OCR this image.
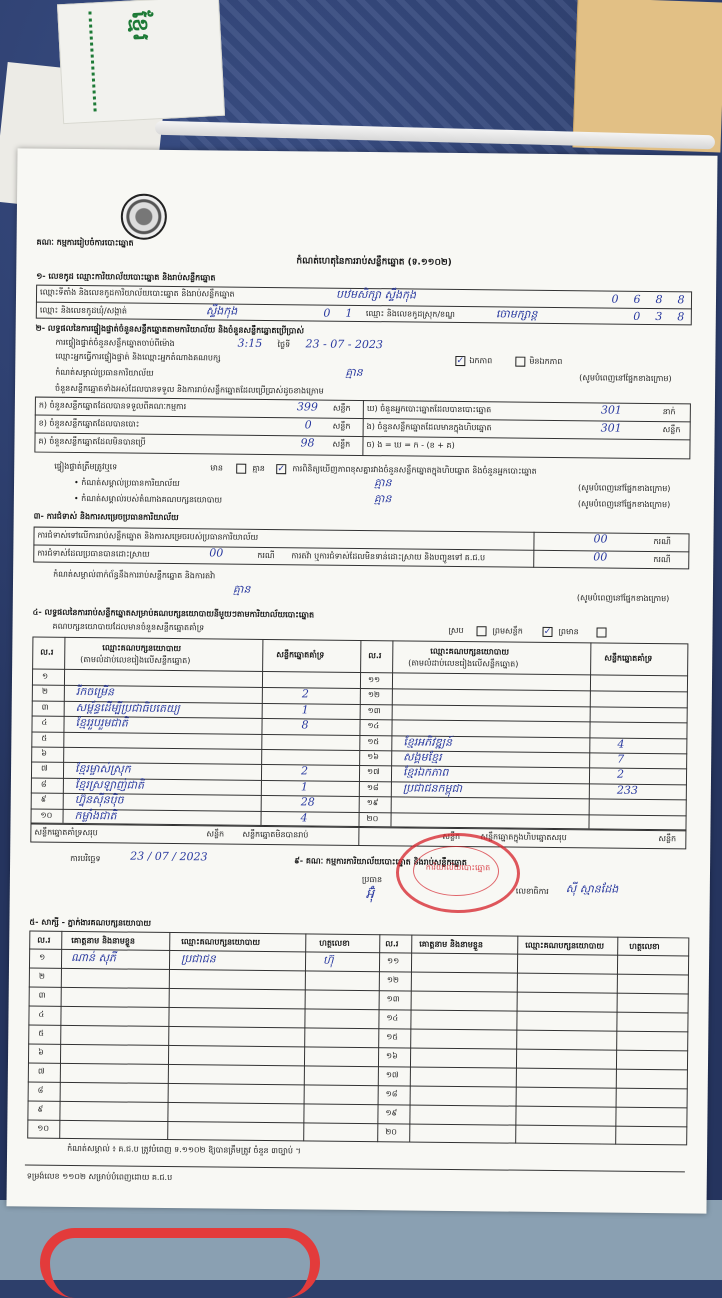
ខ្មែរ
គណៈ កម្មការរៀបចំការបោះឆ្នោត
កំណត់ហេតុនៃការរាប់សន្លឹកឆ្នោត (ទ.១១០២)
១- លេខកូដ ឈ្មោះការិយាល័យបោះឆ្នោត និងរាប់សន្លឹកឆ្នោត
ឈ្មោះទីតាំង និងលេខកូដការិយាល័យបោះឆ្នោត និងរាប់សន្លឹកឆ្នោត	បឋមសិក្សា ស្ទឹងកុង	0	6	8	8
ឈ្មោះ និងលេខកូដឃុំ/សង្កាត់	ស្ទឹងកុង	0	1	ឈ្មោះ និងលេខកូដស្រុក/ខណ្ឌ	ចោមក្សាន្ត	0	3	8
២- លទ្ធផលនៃការផ្ទៀងផ្ទាត់ចំនួនសន្លឹកឆ្នោតតាមការិយាល័យ និងចំនួនសន្លឹកឆ្នោតប្រើប្រាស់
ការផ្ទៀងផ្ទាត់ចំនួនសន្លឹកឆ្នោតចាប់ពីម៉ោង	3:15 ថ្ងៃទី 23 - 07 - 2023
ឈ្មោះអ្នកធ្វើការផ្ទៀងផ្ទាត់ និងឈ្មោះអ្នកតំណាងគណបក្ស	✓ ឯកភាព	មិនឯកភាព
កំណត់សម្គាល់ប្រធានការិយាល័យ	គ្មាន	(សូមបំពេញនៅផ្នែកខាងក្រោម)
ចំនួនសន្លឹកឆ្នោតទាំងអស់ដែលបានទទួល និងការរាប់សន្លឹកឆ្នោតដែលប្រើប្រាស់ដូចខាងក្រោម
ក) ចំនួនសន្លឹកឆ្នោតដែលបានទទួលពីគណៈកម្មការ	399 សន្លឹក
ខ) ចំនួនសន្លឹកឆ្នោតដែលបានបោះ	0	សន្លឹក
គ) ចំនួនសន្លឹកឆ្នោតដែលមិនបានប្រើ	98 សន្លឹក
ឃ) ចំនួនអ្នកបោះឆ្នោតដែលបានបោះឆ្នោត	301	នាក់
ង) ចំនួនសន្លឹកឆ្នោតដែលមានក្នុងហិបឆ្នោត	301	សន្លឹក
ច) ង = ឃ = ក - (ខ + គ)
ផ្ទៀងផ្ទាត់ត្រឹមត្រូវឬទេ	មាន	គ្មាន ✓ ការពិនិត្យឃើញភាពខុសគ្នារវាងចំនួនសន្លឹកឆ្នោតក្នុងហិបឆ្នោត និងចំនួនអ្នកបោះឆ្នោត
• កំណត់សម្គាល់ប្រធានការិយាល័យ	គ្មាន	(សូមបំពេញនៅផ្នែកខាងក្រោម)
• កំណត់សម្គាល់របស់តំណាងគណបក្សនយោបាយ	គ្មាន	(សូមបំពេញនៅផ្នែកខាងក្រោម)
៣- ការជំទាស់ និងការសម្រេចប្រធានការិយាល័យ
ការជំទាស់ទៅលើការរាប់សន្លឹកឆ្នោត និងការសម្រេចរបស់ប្រធានការិយាល័យ	00	ករណី
ការជំទាស់ដែលប្រធានបានដោះស្រាយ	00	ករណី ការតវ៉ា ឬការជំទាស់ដែលមិនទាន់ដោះស្រាយ និងបញ្ជូនទៅ គ.ជ.ប	00	ករណី
កំណត់សម្គាល់ពាក់ព័ន្ធនឹងការរាប់សន្លឹកឆ្នោត និងការតវ៉ា
គ្មាន
(សូមបំពេញនៅផ្នែកខាងក្រោម)
៤- លទ្ធផលនៃការរាប់សន្លឹកឆ្នោតសម្រាប់គណបក្សនយោបាយនីមួយៗតាមការិយាល័យបោះឆ្នោត
គណបក្សនយោបាយដែលមានចំនួនសន្លឹកឆ្នោតគាំទ្រ	ស្រប	ព្រមសន្លឹក ✓ ព្រមាន
ល.រ	ឈ្មោះគណបក្សនយោបាយ
(តាមលំដាប់លេខរៀងលើសន្លឹកឆ្នោត)
សន្លឹកឆ្នោតគាំទ្រ	ល.រ	ឈ្មោះគណបក្សនយោបាយ
(តាមលំដាប់លេខរៀងលើសន្លឹកឆ្នោត)
សន្លឹកឆ្នោតគាំទ្រ
១
២	រីកចម្រើន	2
៣ សម្ព័ន្ធដើម្បីប្រជាធិបតេយ្យ	1
៤	ខ្មែររួបរួមជាតិ	8
៥
៦
៧ ខ្មែរម្ចាស់ស្រុក	2
៨	ខ្មែរស្រឡាញ់ជាតិ	1
៩	ហ្វ៊ុនស៊ីនប៉ិច	28
១០ កម្លាំងជាតិ	4
១១
១២
១៣
១៤
១៥ ខ្មែរអភិវឌ្ឍន៍	4
១៦ សង្គមខ្មែរ	7
១៧ ខ្មែរឯកភាព	2
១៨ ប្រជាជនកម្ពុជា	233
១៩
២០
សន្លឹកឆ្នោតគាំទ្រសរុប	សន្លឹក សន្លឹកឆ្នោតមិនបានរាប់	សន្លឹក	សន្លឹកឆ្នោតក្នុងហិបឆ្នោតសរុប	សន្លឹក
ការបរិច្ឆេទ	23 / 07 / 2023	៩- គណៈ កម្មការការិយាល័យបោះឆ្នោត និងរាប់សន្លឹកឆ្នោត
ប្រធាន
អ៊ុំ	លេខាធិការ ស៊ី ស្មានដែង
ការិយាល័យបោះឆ្នោត
៥- សាក្សី - ភ្នាក់ងារគណបក្សនយោបាយ
ល.រ	គោត្តនាម និងនាមខ្លួន	ឈ្មោះគណបក្សនយោបាយ	ហត្ថលេខា	ល.រ	គោត្តនាម និងនាមខ្លួន	ឈ្មោះគណបក្សនយោបាយ	ហត្ថលេខា
១ ណាន់ សុភី	ប្រជាជន	ហ៊ុ	១១
២	១២
៣	១៣
៤	១៤
៥	១៥
៦	១៦
៧	១៧
៨	១៨
៩	១៩
១០	២០
កំណត់សម្គាល់ ៖ គ.ជ.ប ត្រូវបំពេញ ទ.១១០២ ឱ្យបានត្រឹមត្រូវ ចំនួន ៣ច្បាប់ ។
ទម្រង់លេខ ១១០២ សម្រាប់បំពេញដោយ គ.ជ.ប
